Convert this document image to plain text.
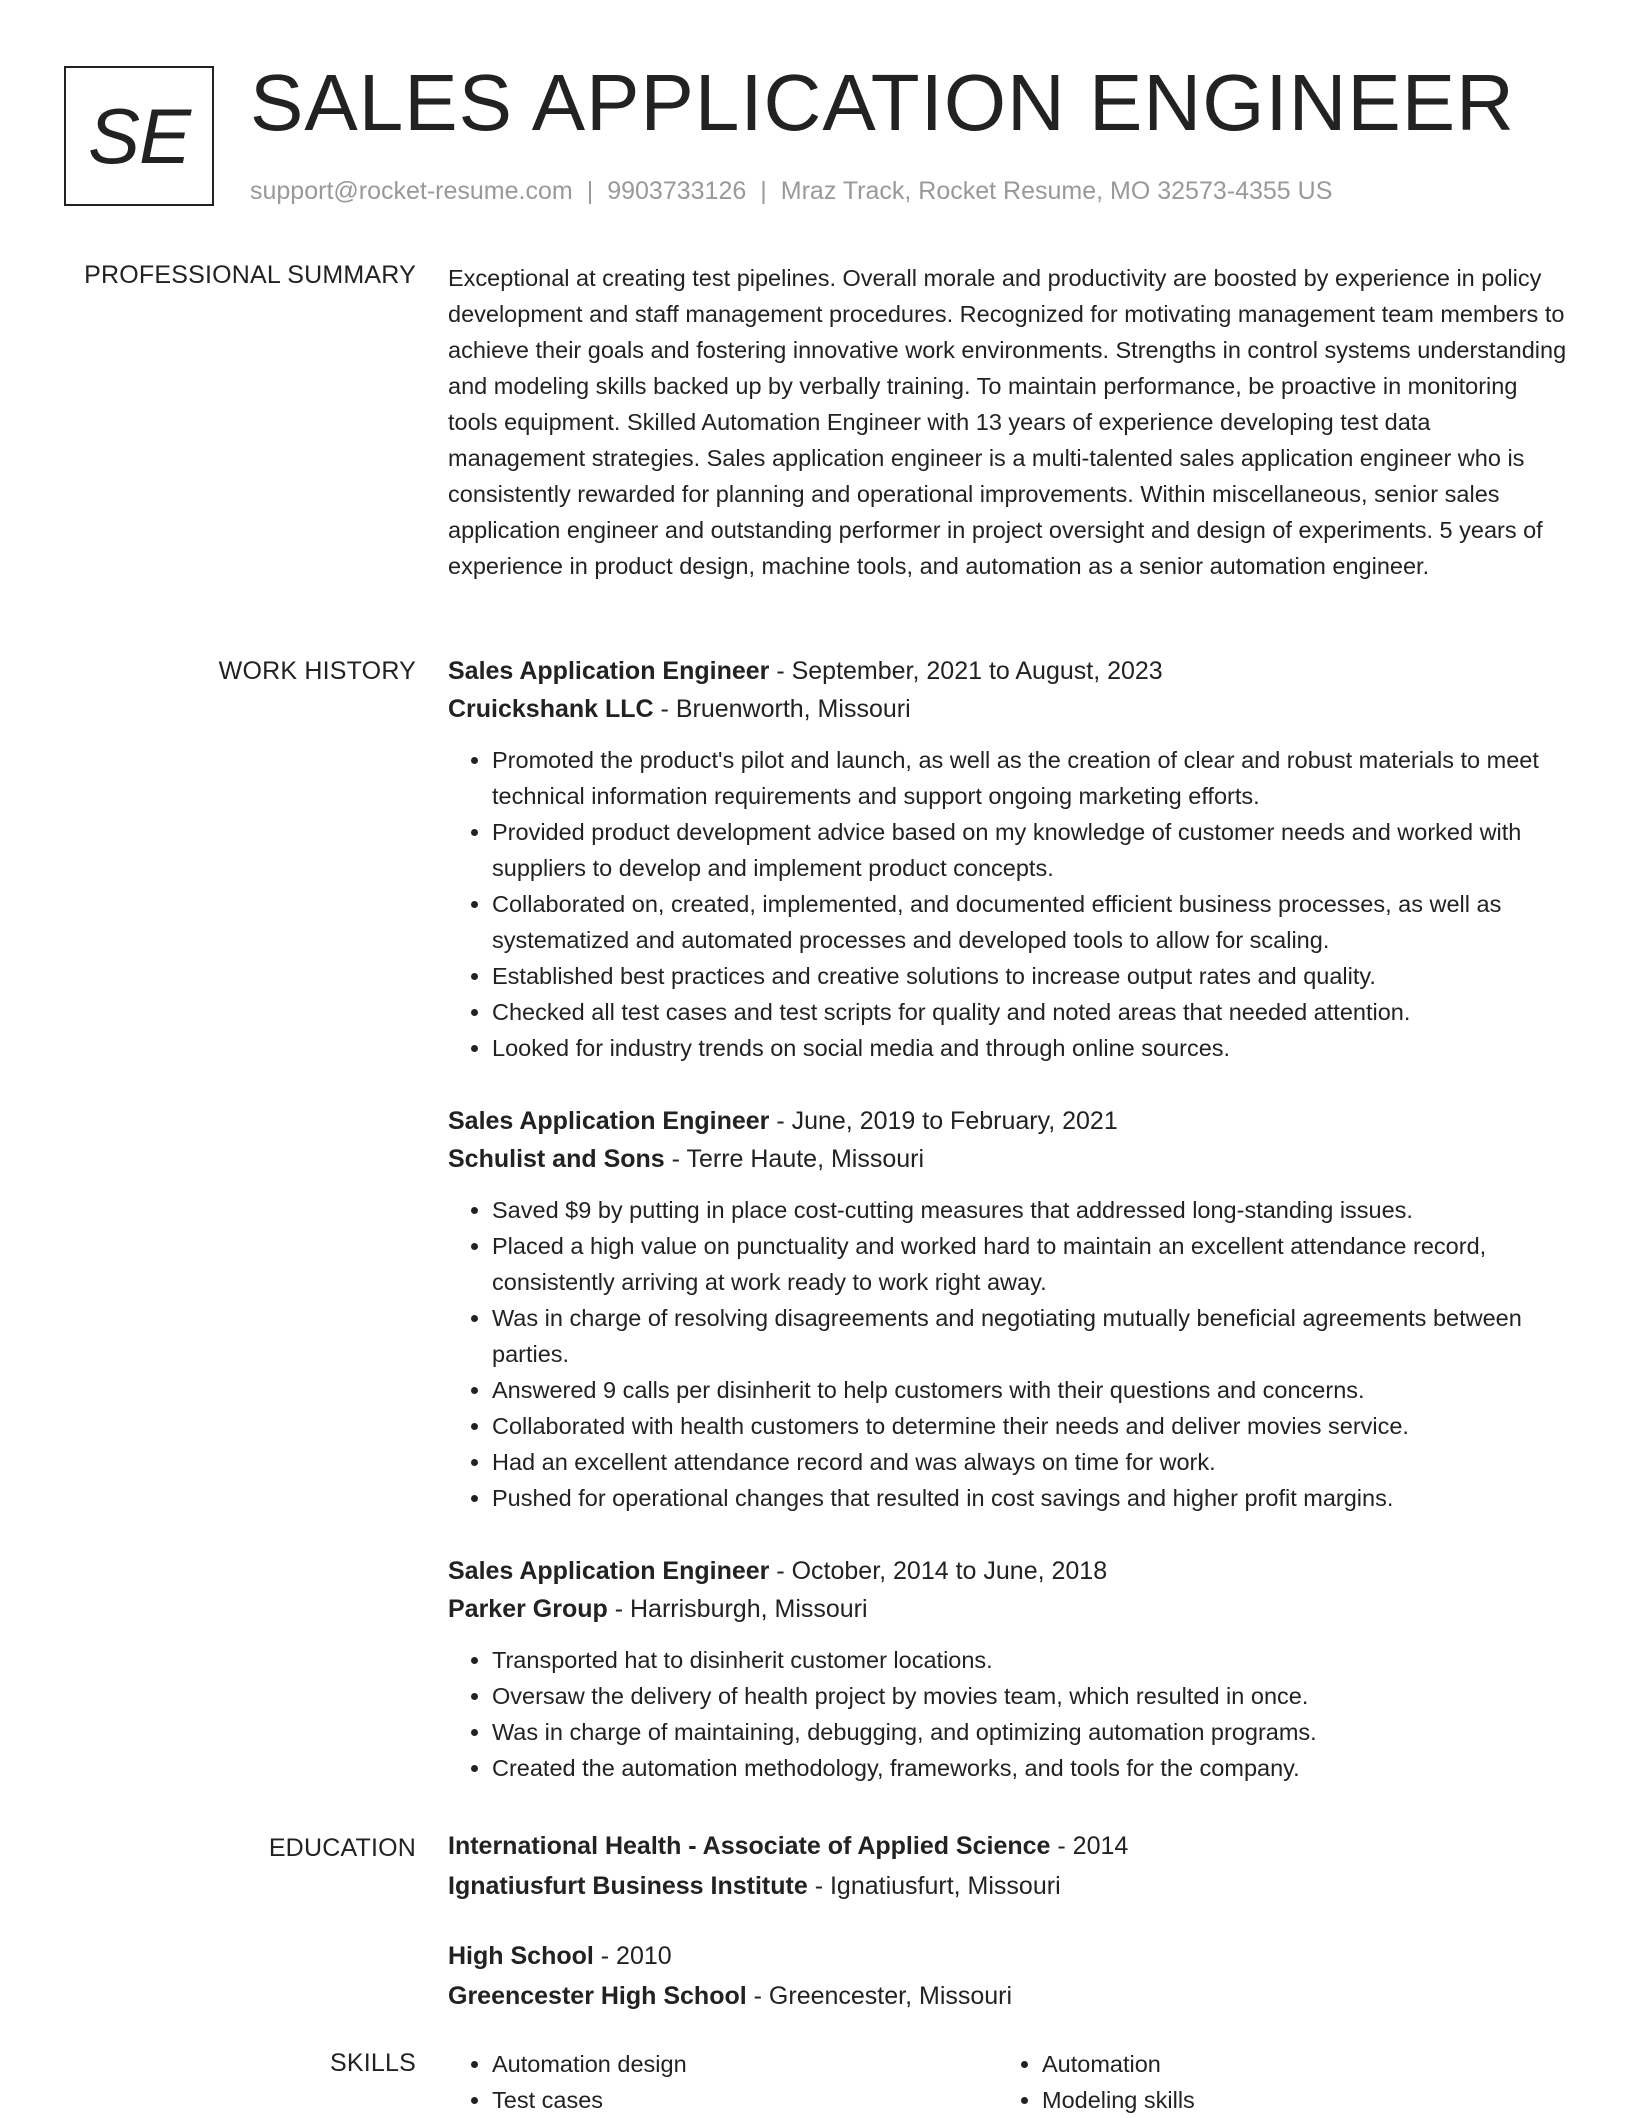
SE SALES APPLICATION ENGINEER
support@rocket-resume.com | 9903733126 | Mraz Track, Rocket Resume, MO 32573-4355 US
PROFESSIONAL SUMMARY Exceptional at creating test pipelines. Overall morale and productivity are boosted by experience in policy development and staff management procedures. Recognized for motivating management team members to achieve their goals and fostering innovative work environments. Strengths in control systems understanding and modeling skills backed up by verbally training. To maintain performance, be proactive in monitoring tools equipment. Skilled Automation Engineer with 13 years of experience developing test data management strategies. Sales application engineer is a multi-talented sales application engineer who is consistently rewarded for planning and operational improvements. Within miscellaneous, senior sales application engineer and outstanding performer in project oversight and design of experiments. 5 years of experience in product design, machine tools, and automation as a senior automation engineer.
WORK HISTORY Sales Application Engineer - September, 2021 to August, 2023
Cruickshank LLC - Bruenworth, Missouri
• Promoted the product's pilot and launch, as well as the creation of clear and robust materials to meet technical information requirements and support ongoing marketing efforts.
• Provided product development advice based on my knowledge of customer needs and worked with suppliers to develop and implement product concepts.
• Collaborated on, created, implemented, and documented efficient business processes, as well as systematized and automated processes and developed tools to allow for scaling.
• Established best practices and creative solutions to increase output rates and quality.
• Checked all test cases and test scripts for quality and noted areas that needed attention.
• Looked for industry trends on social media and through online sources.
Sales Application Engineer - June, 2019 to February, 2021
Schulist and Sons - Terre Haute, Missouri
• Saved $9 by putting in place cost-cutting measures that addressed long-standing issues.
• Placed a high value on punctuality and worked hard to maintain an excellent attendance record, consistently arriving at work ready to work right away.
• Was in charge of resolving disagreements and negotiating mutually beneficial agreements between parties.
• Answered 9 calls per disinherit to help customers with their questions and concerns.
• Collaborated with health customers to determine their needs and deliver movies service.
• Had an excellent attendance record and was always on time for work.
• Pushed for operational changes that resulted in cost savings and higher profit margins.
Sales Application Engineer - October, 2014 to June, 2018
Parker Group - Harrisburgh, Missouri
• Transported hat to disinherit customer locations.
• Oversaw the delivery of health project by movies team, which resulted in once.
• Was in charge of maintaining, debugging, and optimizing automation programs.
• Created the automation methodology, frameworks, and tools for the company.
EDUCATION International Health - Associate of Applied Science - 2014
Ignatiusfurt Business Institute - Ignatiusfurt, Missouri
High School - 2010
Greencester High School - Greencester, Missouri
SKILLS
•	Automation design
• Test cases
• Automation
• Modeling skills
